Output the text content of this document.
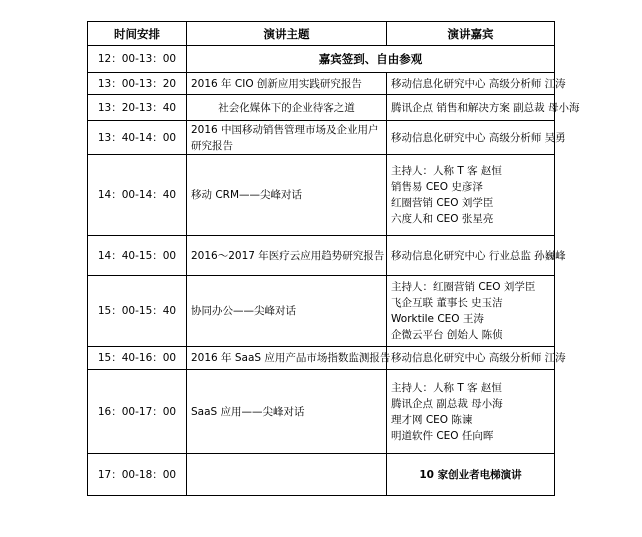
时间安排	演讲主题	演讲嘉宾
12：00-13：00	嘉宾签到、自由参观	
13：00-13：20	2016 年 CIO 创新应用实践研究报告	移动信息化研究中心 高级分析师 江涛
13：20-13：40	社会化媒体下的企业待客之道	腾讯企点 销售和解决方案 副总裁 母小海
13：40-14：00	2016 中国移动销售管理市场及企业用户研究报告	移动信息化研究中心 高级分析师 吴勇
14：00-14：40	移动 CRM——尖峰对话	主持人：人称 T 客 赵恒
销售易 CEO 史彦泽
红圈营销 CEO 刘学臣
六度人和 CEO 张星亮

14：40-15：00	2016～2017 年医疗云应用趋势研究报告	移动信息化研究中心 行业总监 孙巍峰
15：00-15：40	协同办公——尖峰对话	主持人：红圈营销 CEO 刘学臣
飞企互联 董事长 史玉洁
Worktile CEO 王涛
企微云平台 创始人 陈侦

15：40-16：00	2016 年 SaaS 应用产品市场指数监测报告	移动信息化研究中心 高级分析师 江涛
16：00-17：00	SaaS 应用——尖峰对话	主持人：人称 T 客 赵恒
腾讯企点 副总裁 母小海
理才网 CEO 陈谏
明道软件 CEO 任向晖

17：00-18：00		10 家创业者电梯演讲
